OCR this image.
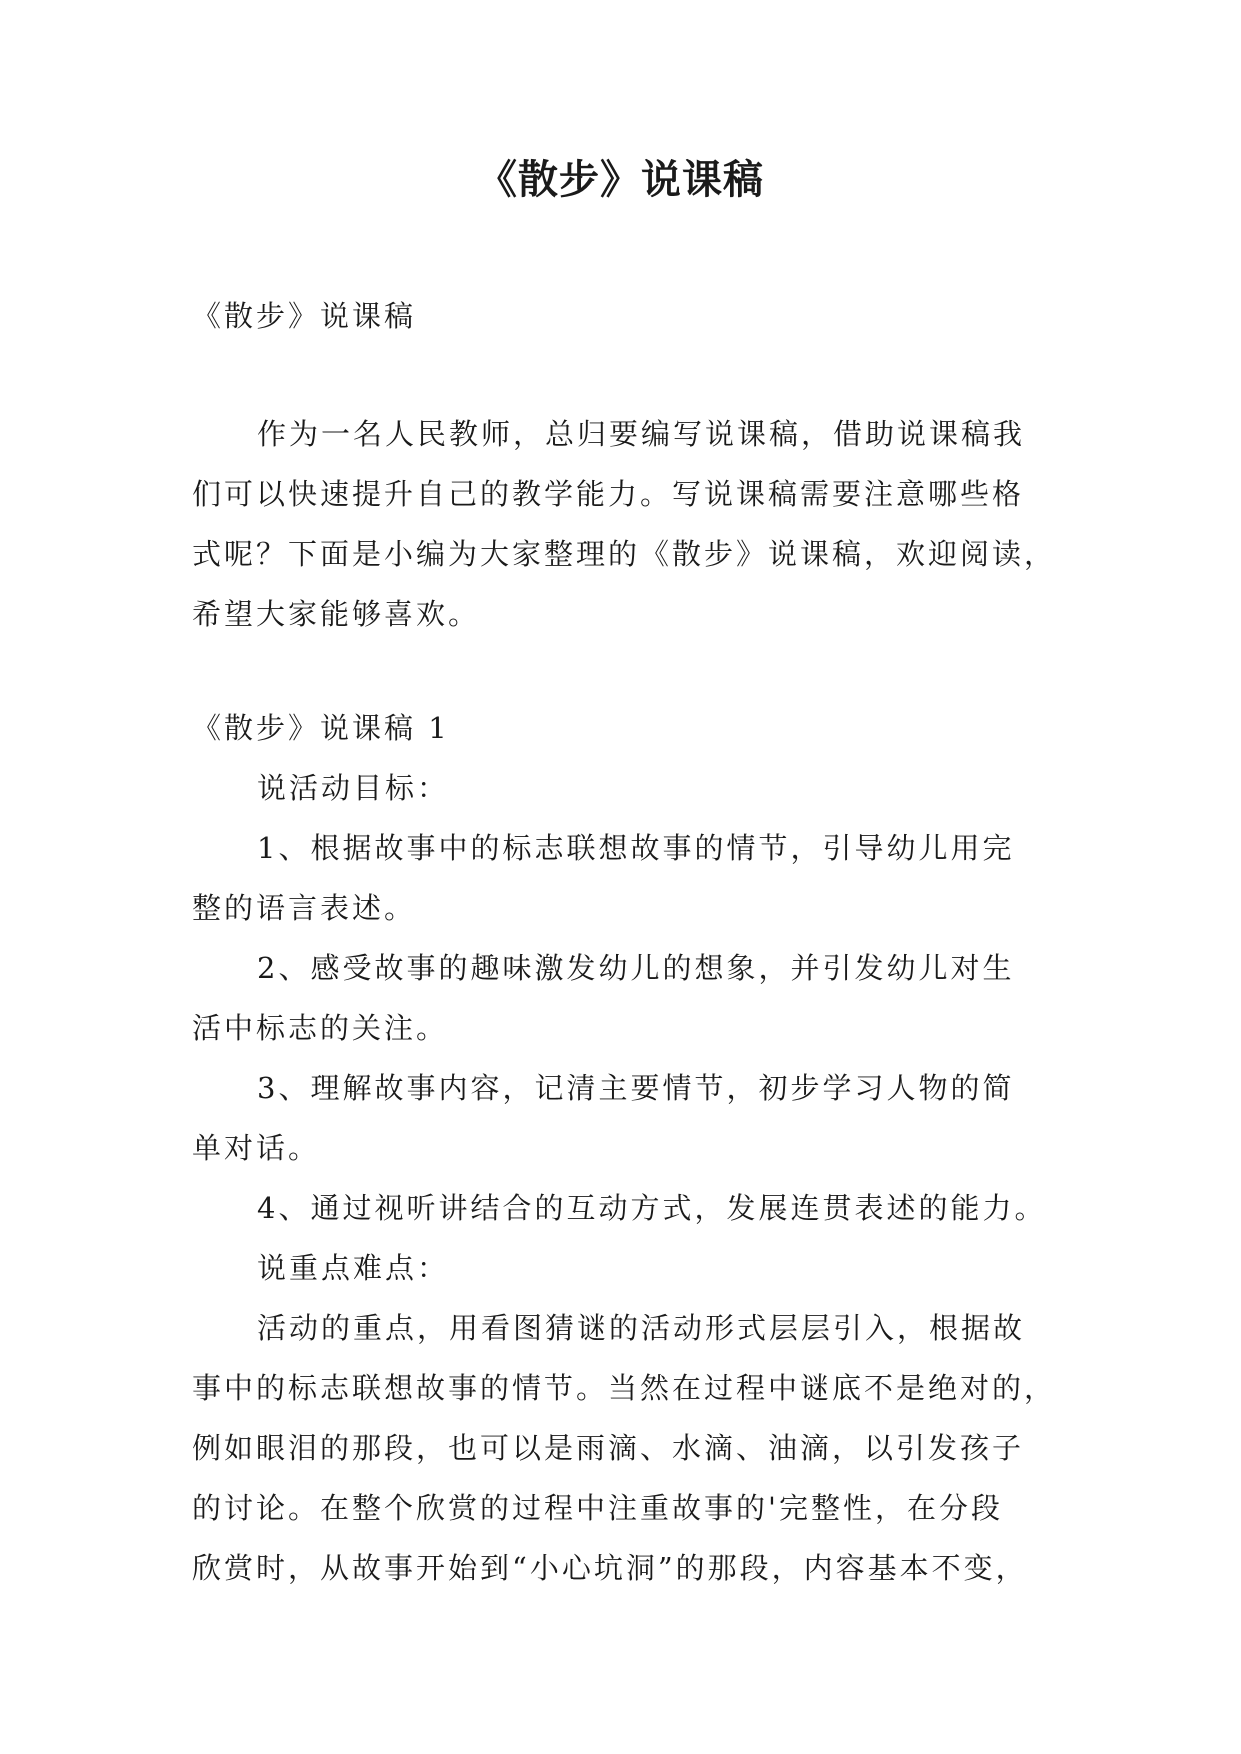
《散步》说课稿
《散步》说课稿
作为一名人民教师，总归要编写说课稿，借助说课稿我
们可以快速提升自己的教学能力。写说课稿需要注意哪些格
式呢？下面是小编为大家整理的《散步》说课稿，欢迎阅读，
希望大家能够喜欢。
《散步》说课稿 1
说活动目标：
1、根据故事中的标志联想故事的情节，引导幼儿用完
整的语言表述。
2、感受故事的趣味激发幼儿的想象，并引发幼儿对生
活中标志的关注。
3、理解故事内容，记清主要情节，初步学习人物的简
单对话。
4、通过视听讲结合的互动方式，发展连贯表述的能力。
说重点难点：
活动的重点，用看图猜谜的活动形式层层引入，根据故
事中的标志联想故事的情节。当然在过程中谜底不是绝对的，
例如眼泪的那段，也可以是雨滴、水滴、油滴，以引发孩子
的讨论。在整个欣赏的过程中注重故事的'完整性，在分段
欣赏时，从故事开始到“小心坑洞”的那段，内容基本不变，
